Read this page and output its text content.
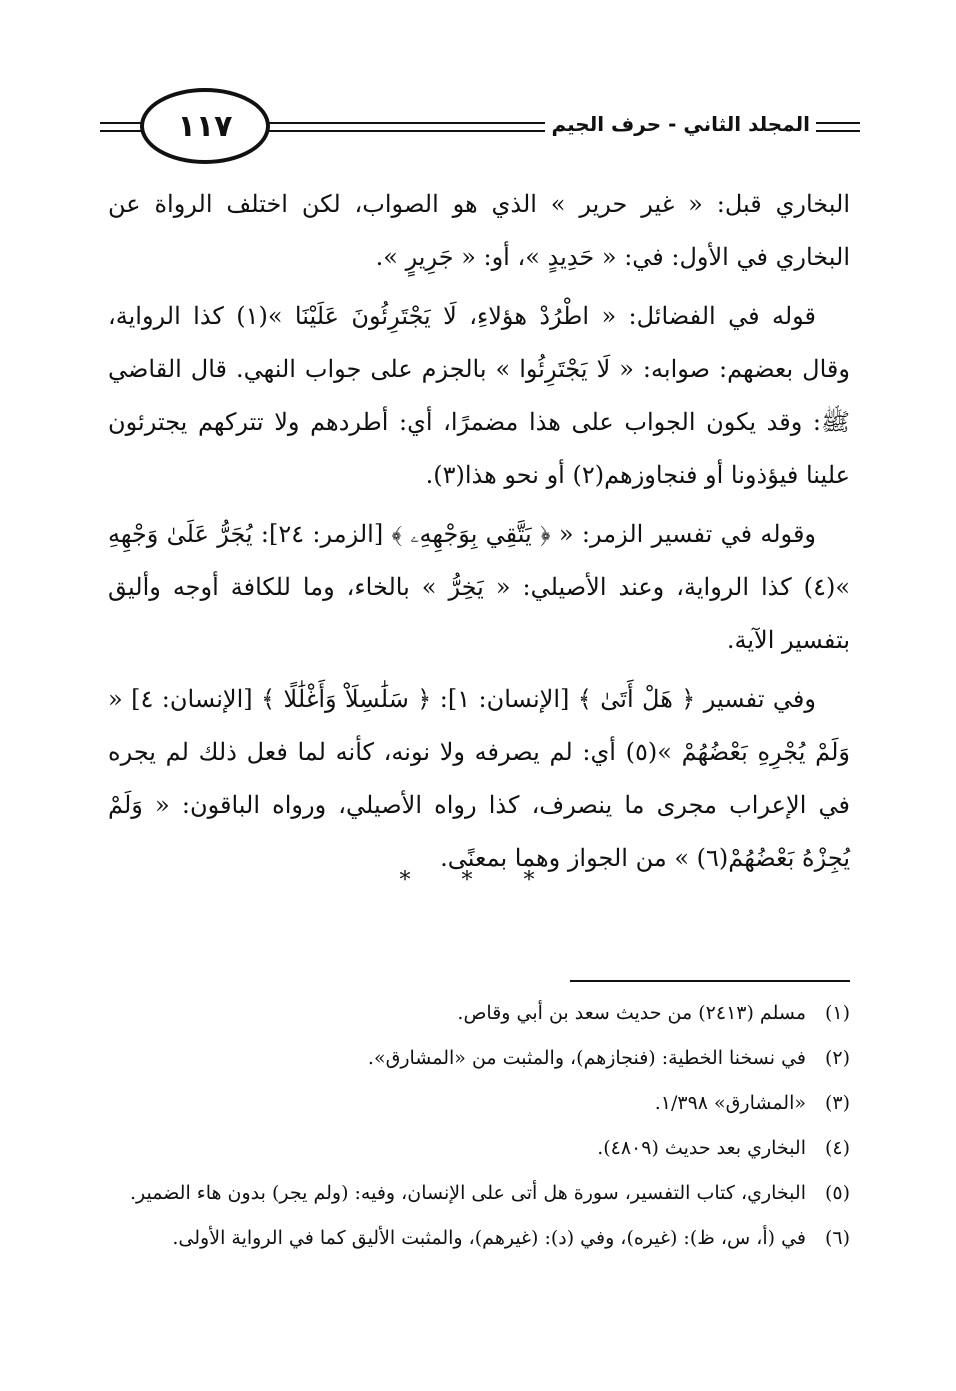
١١٧	المجلد الثاني - حرف الجيم

البخاري قبل: « غير حرير » الذي هو الصواب، لكن اختلف الرواة عن البخاري في الأول: في: « حَدِيدٍ »، أو: « جَرِيرٍ ».

قوله في الفضائل: « اطْرُدْ هؤلاءِ، لَا يَجْتَرِئُونَ عَلَيْنَا »(١) كذا الرواية، وقال بعضهم: صوابه: « لَا يَجْتَرِئُوا » بالجزم على جواب النهي. قال القاضي ﷺ: وقد يكون الجواب على هذا مضمرًا، أي: أطردهم ولا تتركهم يجترئون علينا فيؤذونا أو فنجاوزهم(٢) أو نحو هذا(٣).

وقوله في تفسير الزمر: « ﴿ يَتَّقِي بِوَجْهِهِۦ ﴾ [الزمر: ٢٤]: يُجَرُّ عَلَىٰ وَجْهِهِ »(٤) كذا الرواية، وعند الأصيلي: « يَخِرُّ » بالخاء، وما للكافة أوجه وأليق بتفسير الآية.

وفي تفسير ﴿ هَلْ أَتَىٰ ﴾ [الإنسان: ١]: ﴿ سَلَٰسِلَاْ وَأَغْلَٰلًا ﴾ [الإنسان: ٤] « وَلَمْ يُجْرِهِ بَعْضُهُمْ »(٥) أي: لم يصرفه ولا نونه، كأنه لما فعل ذلك لم يجره في الإعراب مجرى ما ينصرف، كذا رواه الأصيلي، ورواه الباقون: « وَلَمْ يُجِزْهُ بَعْضُهُمْ(٦) » من الجواز وهما بمعنًى.

* * *
(١)
مسلم (٢٤١٣) من حديث سعد بن أبي وقاص.
(٢)
في نسخنا الخطية: (فنجازهم)، والمثبت من «المشارق».
(٣)
«المشارق» ١/٣٩٨.
(٤)
البخاري بعد حديث (٤٨٠٩).
(٥)
البخاري، كتاب التفسير، سورة هل أتى على الإنسان، وفيه: (ولم يجر) بدون هاء الضمير.
(٦)
في (أ، س، ظ): (غيره)، وفي (د): (غيرهم)، والمثبت الأليق كما في الرواية الأولى.
